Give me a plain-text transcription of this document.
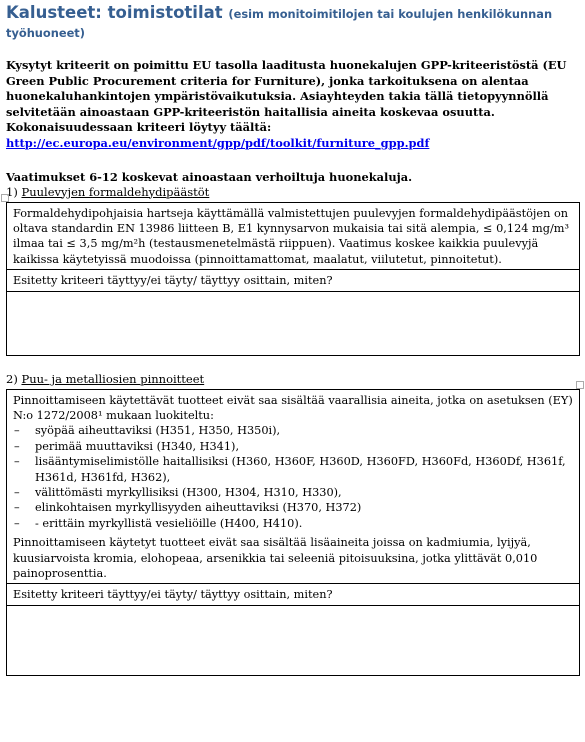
Kalusteet: toimistotilat (esim monitoimitilojen tai koulujen henkilökunnan työhuoneet)
Kysytyt kriteerit on poimittu EU tasolla laaditusta huonekalujen GPP-kriteeristöstä (EU Green Public Procurement criteria for Furniture), jonka tarkoituksena on alentaa huonekaluhankintojen ympäristövaikutuksia. Asiayhteyden takia tällä tietopyynnöllä selvitetään ainoastaan GPP-kriteeristön haitallisia aineita koskevaa osuutta. Kokonaisuudessaan kriteeri löytyy täältä:
http://ec.europa.eu/environment/gpp/pdf/toolkit/furniture_gpp.pdf
Vaatimukset 6-12 koskevat ainoastaan verhoiltuja huonekaluja.
1) Puulevyjen formaldehydipäästöt
Formaldehydipohjaisia hartseja käyttämällä valmistettujen puulevyjen formaldehydipäästöjen on oltava standardin EN 13986 liitteen B, E1 kynnysarvon mukaisia tai sitä alempia, ≤ 0,124 mg/m³ ilmaa tai ≤ 3,5 mg/m²h (testausmenetelmästä riippuen). Vaatimus koskee kaikkia puulevyjä kaikissa käytetyissä muodoissa (pinnoittamattomat, maalatut, viilutetut, pinnoitetut).
Esitetty kriteeri täyttyy/ei täyty/ täyttyy osittain, miten?
2) Puu- ja metalliosien pinnoitteet
Pinnoittamiseen käytettävät tuotteet eivät saa sisältää vaarallisia aineita, jotka on asetuksen (EY) N:o 1272/2008¹ mukaan luokiteltu:
– syöpää aiheuttaviksi (H351, H350, H350i),
– perimää muuttaviksi (H340, H341),
– lisääntymiselimistölle haitallisiksi (H360, H360F, H360D, H360FD, H360Fd, H360Df, H361f, H361d, H361fd, H362),
– välittömästi myrkyllisiksi (H300, H304, H310, H330),
– elinkohtaisen myrkyllisyyden aiheuttaviksi (H370, H372)
– - erittäin myrkyllistä vesieliöille (H400, H410).
Pinnoittamiseen käytetyt tuotteet eivät saa sisältää lisäaineita joissa on kadmiumia, lyijyä, kuusiarvoista kromia, elohopeaa, arsenikkia tai seleeniä pitoisuuksina, jotka ylittävät 0,010 painoprosenttia.
Esitetty kriteeri täyttyy/ei täyty/ täyttyy osittain, miten?
